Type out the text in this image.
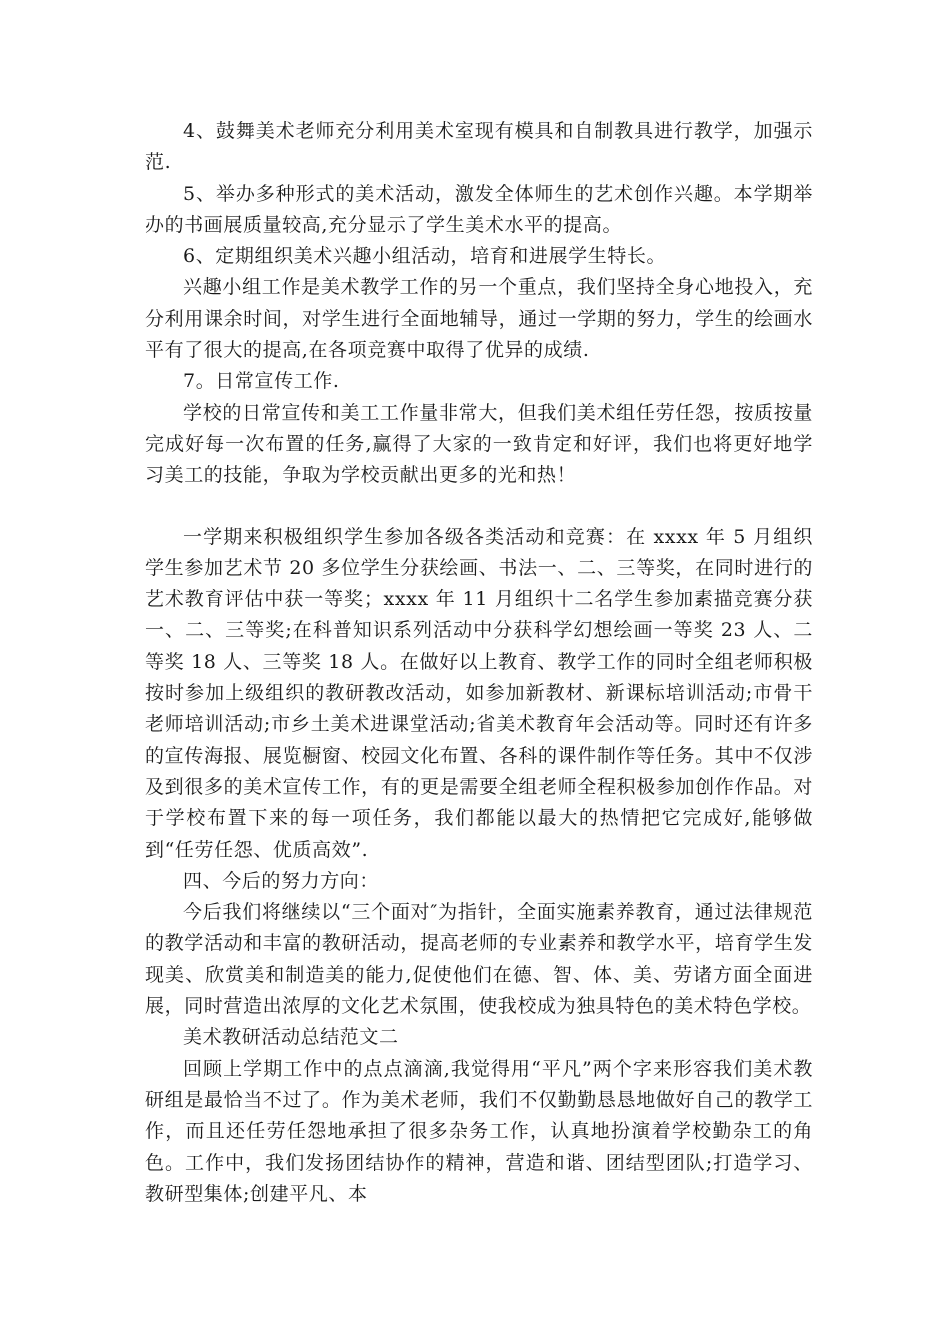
4、鼓舞美术老师充分利用美术室现有模具和自制教具进行教学，加强示范.

5、举办多种形式的美术活动，激发全体师生的艺术创作兴趣。本学期举办的书画展质量较高,充分显示了学生美术水平的提高。

6、定期组织美术兴趣小组活动，培育和进展学生特长。

兴趣小组工作是美术教学工作的另一个重点，我们坚持全身心地投入，充分利用课余时间，对学生进行全面地辅导，通过一学期的努力，学生的绘画水平有了很大的提高,在各项竞赛中取得了优异的成绩.

7。日常宣传工作.

学校的日常宣传和美工工作量非常大，但我们美术组任劳任怨，按质按量完成好每一次布置的任务,赢得了大家的一致肯定和好评，我们也将更好地学习美工的技能，争取为学校贡献出更多的光和热！

一学期来积极组织学生参加各级各类活动和竞赛：在 xxxx 年 5 月组织学生参加艺术节 20 多位学生分获绘画、书法一、二、三等奖，在同时进行的艺术教育评估中获一等奖；xxxx 年 11 月组织十二名学生参加素描竞赛分获一、二、三等奖;在科普知识系列活动中分获科学幻想绘画一等奖 23 人、二等奖 18 人、三等奖 18 人。在做好以上教育、教学工作的同时全组老师积极按时参加上级组织的教研教改活动，如参加新教材、新课标培训活动;市骨干老师培训活动;市乡土美术进课堂活动;省美术教育年会活动等。同时还有许多的宣传海报、展览橱窗、校园文化布置、各科的课件制作等任务。其中不仅涉及到很多的美术宣传工作，有的更是需要全组老师全程积极参加创作作品。对于学校布置下来的每一项任务，我们都能以最大的热情把它完成好,能够做到“任劳任怨、优质高效”.

四、今后的努力方向：

今后我们将继续以“三个面对″为指针，全面实施素养教育，通过法律规范的教学活动和丰富的教研活动，提高老师的专业素养和教学水平，培育学生发现美、欣赏美和制造美的能力,促使他们在德、智、体、美、劳诸方面全面进展，同时营造出浓厚的文化艺术氛围，使我校成为独具特色的美术特色学校。

美术教研活动总结范文二

回顾上学期工作中的点点滴滴,我觉得用“平凡”两个字来形容我们美术教研组是最恰当不过了。作为美术老师，我们不仅勤勤恳恳地做好自己的教学工作，而且还任劳任怨地承担了很多杂务工作，认真地扮演着学校勤杂工的角色。工作中，我们发扬团结协作的精神，营造和谐、团结型团队;打造学习、教研型集体;创建平凡、本
